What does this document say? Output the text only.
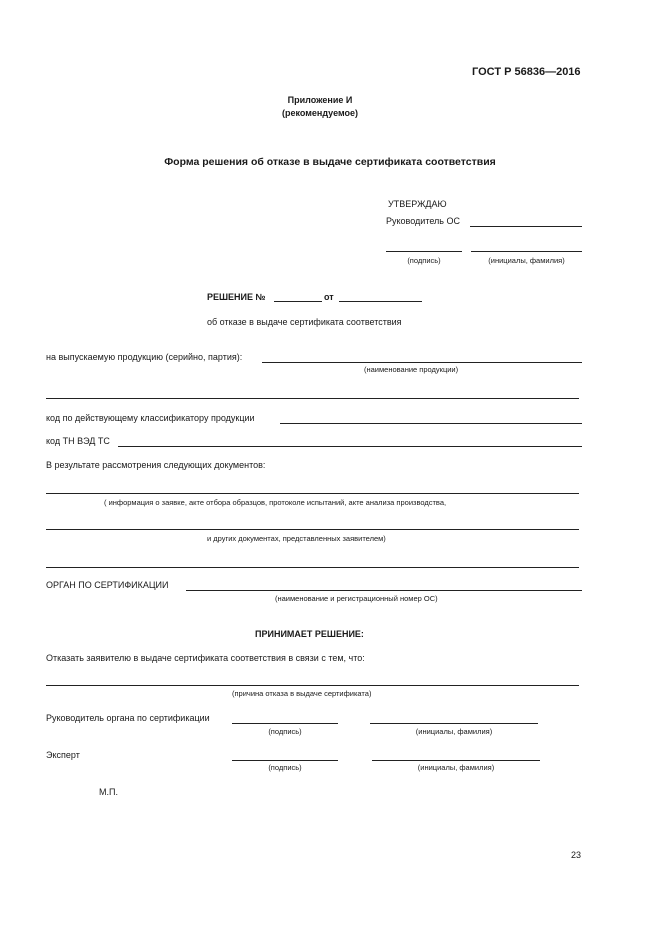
ГОСТ Р 56836—2016
Приложение И
(рекомендуемое)
Форма решения об отказе в выдаче сертификата соответствия
УТВЕРЖДАЮ
Руководитель ОС
(подпись)	(инициалы, фамилия)
РЕШЕНИЕ №	от
об отказе в выдаче сертификата соответствия
на выпускаемую продукцию (серийно, партия):
(наименование продукции)
код по действующему классификатору продукции
код ТН ВЭД ТС
В результате рассмотрения следующих документов:
( информация о заявке, акте отбора образцов, протоколе испытаний, акте анализа производства,
и других документах, представленных заявителем)
ОРГАН ПО СЕРТИФИКАЦИИ
(наименование и регистрационный номер ОС)
ПРИНИМАЕТ РЕШЕНИЕ:
Отказать заявителю в выдаче сертификата соответствия в связи с тем, что:
(причина отказа в выдаче сертификата)
Руководитель органа по сертификации
(подпись)	(инициалы, фамилия)
Эксперт
(подпись)	(инициалы, фамилия)
М.П.
23
